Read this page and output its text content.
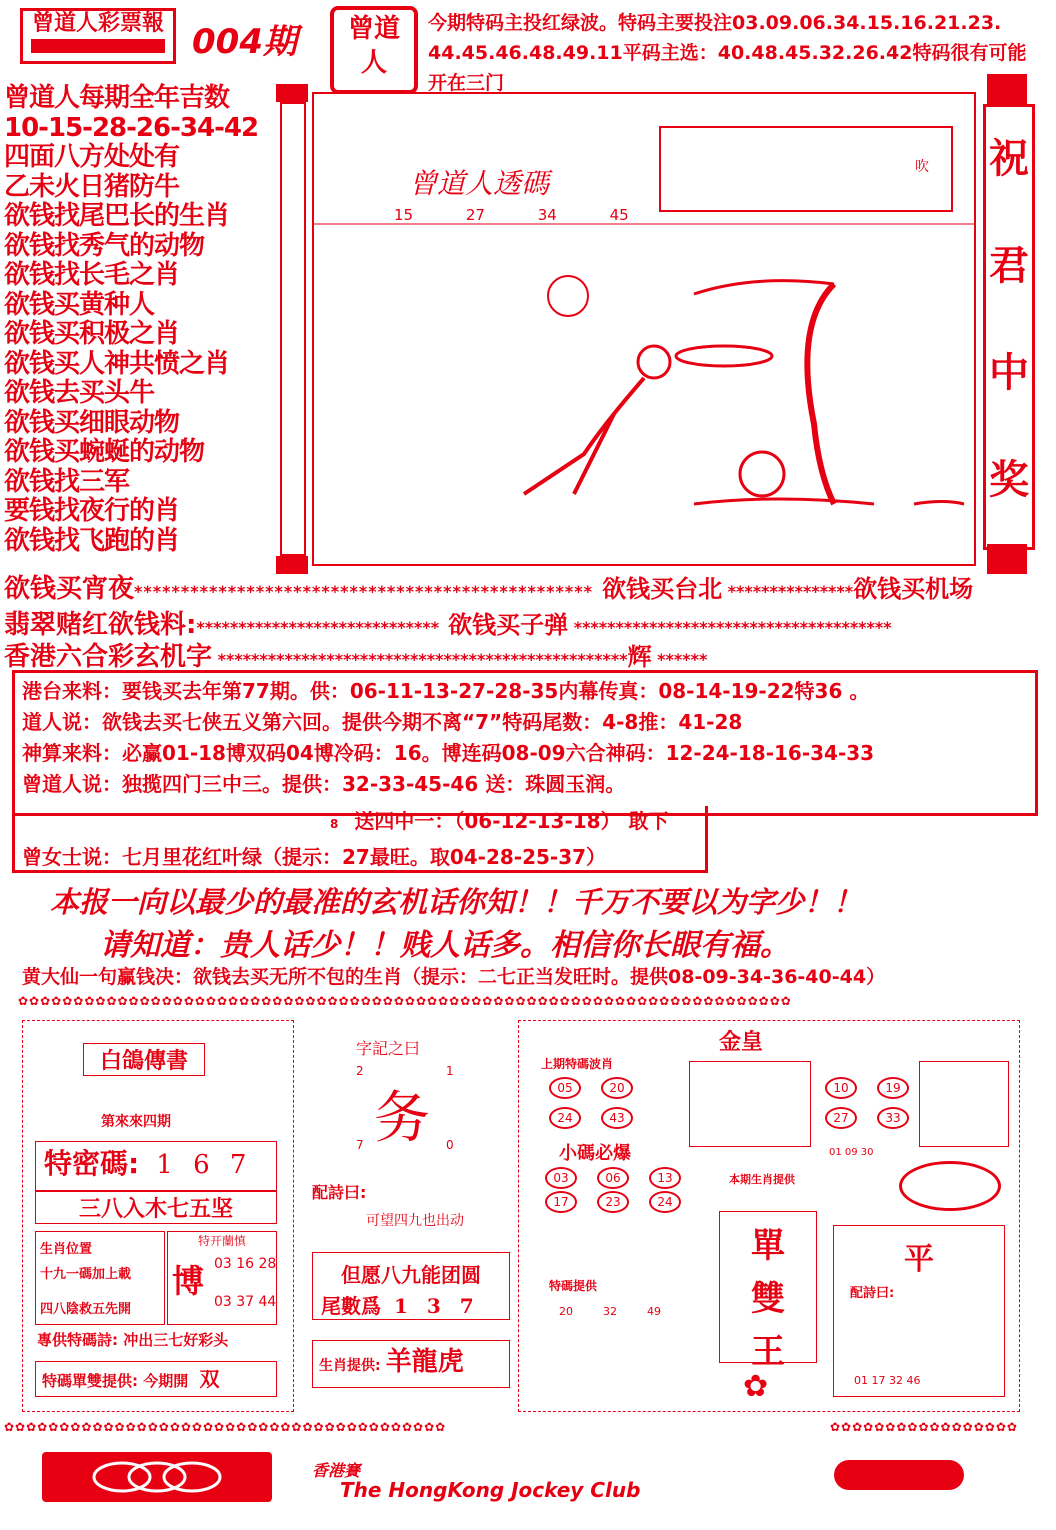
曾道人彩票報 004期	曾道
人
今期特码主投红绿波。特码主要投注03.09.06.34.15.16.21.23.
44.45.46.48.49.11平码主选：40.48.45.32.26.42特码很有可能
开在三门
曾道人每期全年吉数
10-15-28-26-34-42
四面八方处处有
乙未火日猪防牛
欲钱找尾巴长的生肖
欲钱找秀气的动物
欲钱找长毛之肖
欲钱买黄种人
欲钱买积极之肖
欲钱买人神共愤之肖
欲钱去买头牛
欲钱买细眼动物
欲钱买蜿蜒的动物
欲钱找三军
要钱找夜行的肖
欲钱找飞跑的肖
曾道人透碼
15	27	34	45
吹 祝
君
中
奖
欲钱买宵夜************************************************* 欲钱买台北 ***************欲钱买机场
翡翠赌红欲钱料:***************************** 欲钱买子弹 **************************************
香港六合彩玄机字 *************************************************辉 ******
港台来料：要钱买去年第77期。供：06-11-13-27-28-35内幕传真：08-14-19-22特36 。
道人说：欲钱去买七侠五义第六回。提供今期不离“7”特码尾数：4-8推：41-28
神算来料：必赢01-18博双码04博冷码：16。博连码08-09六合神码：12-24-18-16-34-33
曾道人说：独揽四门三中三。提供：32-33-45-46 送：珠圆玉润。
8 送四中一：（06-12-13-18） 敢下
曾女士说：七月里花红叶绿（提示：27最旺。取04-28-25-37）
本报一向以最少的最准的玄机话你知！！千万不要以为字少！！
请知道：贵人话少！！贱人话多。相信你长眼有福。
黄大仙一句赢钱决：欲钱去买无所不包的生肖（提示：二七正当发旺时。提供08-09-34-36-40-44）
✿✿✿✿✿✿✿✿✿✿✿✿✿✿✿✿✿✿✿✿✿✿✿✿✿✿✿✿✿✿✿✿✿✿✿✿✿✿✿✿✿✿✿✿✿✿✿✿✿✿✿✿✿✿✿✿✿✿✿✿✿✿✿✿✿✿✿✿✿✿
白鴿傳書
第來來四期
特密碼: 1 6 7
三八入木七五坚
生肖位置
十九一碼加上載
四八陰救五先開
特开蘭慎
博 03 16 28
03 37 44
專供特碼詩: 冲出三七好彩头
特碼單雙提供: 今期開 双
字記之曰
2	1
务
7	0
配詩曰:
可望四九也出动
但愿八九能团圆
尾數爲 1 3 7
生肖提供: 羊龍虎
金皇
上期特碼波肖
05	20
24	43
10	19
27	33
小碼必爆	01 09 30
03	06	13
17	23	24
本期生肖提供
特碼提供
20	32	49
單
雙
王
✿
平
配詩曰:
01 17 32 46
✿✿✿✿✿✿✿✿✿✿✿✿✿✿✿✿✿✿✿✿✿✿✿✿✿✿✿✿✿✿✿✿✿✿✿✿✿✿✿✿	✿✿✿✿✿✿✿✿✿✿✿✿✿✿✿✿✿
香港賽
The HongKong Jockey Club
